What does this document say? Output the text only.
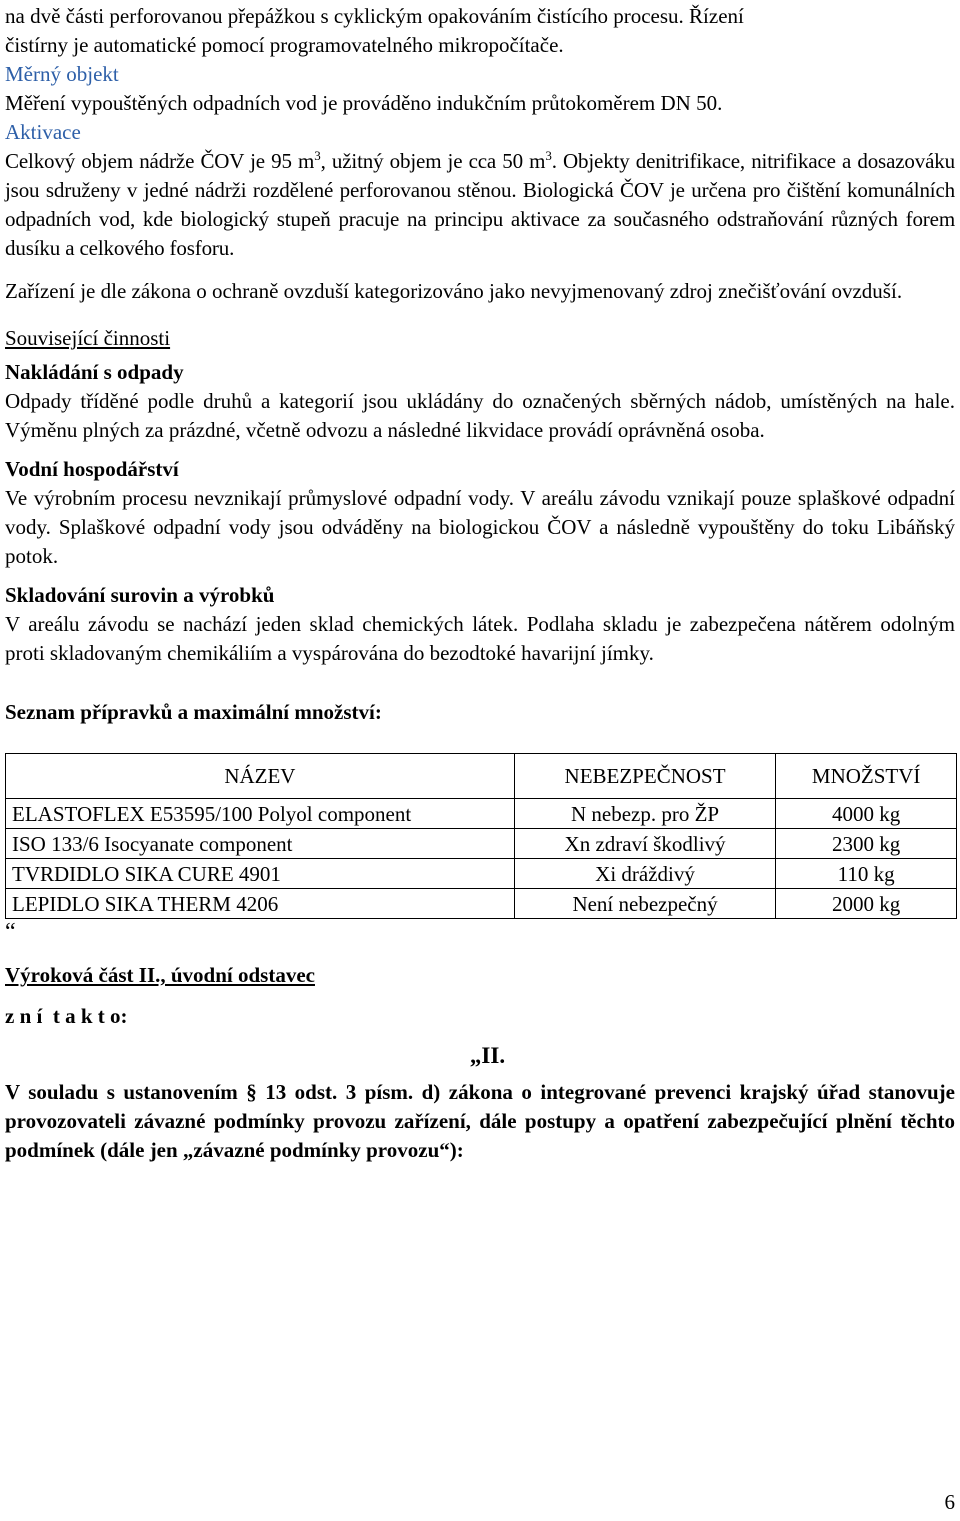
na dvě části perforovanou přepážkou s cyklickým opakováním čistícího procesu. Řízení

čistírny je automatické pomocí programovatelného mikropočítače.

Měrný objekt

Měření vypouštěných odpadních vod je prováděno indukčním průtokoměrem DN 50.

Aktivace

Celkový objem nádrže ČOV je 95 $m^3$, užitný objem je cca 50 $m^3$. Objekty denitrifikace, nitrifikace a dosazováku jsou sdruženy v jedné nádrži rozdělené perforovanou stěnou. Biologická ČOV je určena pro čištění komunálních odpadních vod, kde biologický stupeň pracuje na principu aktivace za současného odstraňování různých forem dusíku a celkového fosforu.

Zařízení je dle zákona o ochraně ovzduší kategorizováno jako nevyjmenovaný zdroj znečišťování ovzduší.

Související činnosti

Nakládání s odpady

Odpady tříděné podle druhů a kategorií jsou ukládány do označených sběrných nádob, umístěných na hale. Výměnu plných za prázdné, včetně odvozu a následné likvidace provádí oprávněná osoba.

Vodní hospodářství

Ve výrobním procesu nevznikají průmyslové odpadní vody. V areálu závodu vznikají pouze splaškové odpadní vody. Splaškové odpadní vody jsou odváděny na biologickou ČOV a následně vypouštěny do toku Libáňský potok.

Skladování surovin a výrobků

V areálu závodu se nachází jeden sklad chemických látek. Podlaha skladu je zabezpečena nátěrem odolným proti skladovaným chemikáliím a vyspárována do bezodtoké havarijní jímky.

Seznam přípravků a maximální množství:

NÁZEV	NEBEZPEČNOST	MNOŽSTVÍ
ELASTOFLEX E53595/100 Polyol component	N nebezp. pro ŽP	4000 kg
ISO 133/6 Isocyanate component	Xn zdraví škodlivý	2300 kg
TVRDIDLO SIKA CURE 4901	Xi dráždivý	110 kg
LEPIDLO SIKA THERM 4206	Není nebezpečný	2000 kg

“

Výroková část II., úvodní odstavec

z n í  t a k t o:

„II.

V souladu s ustanovením § 13 odst. 3 písm. d) zákona o integrované prevenci krajský úřad stanovuje provozovateli závazné podmínky provozu zařízení, dále postupy a opatření zabezpečující plnění těchto podmínek (dále jen „závazné podmínky provozu“):

6
